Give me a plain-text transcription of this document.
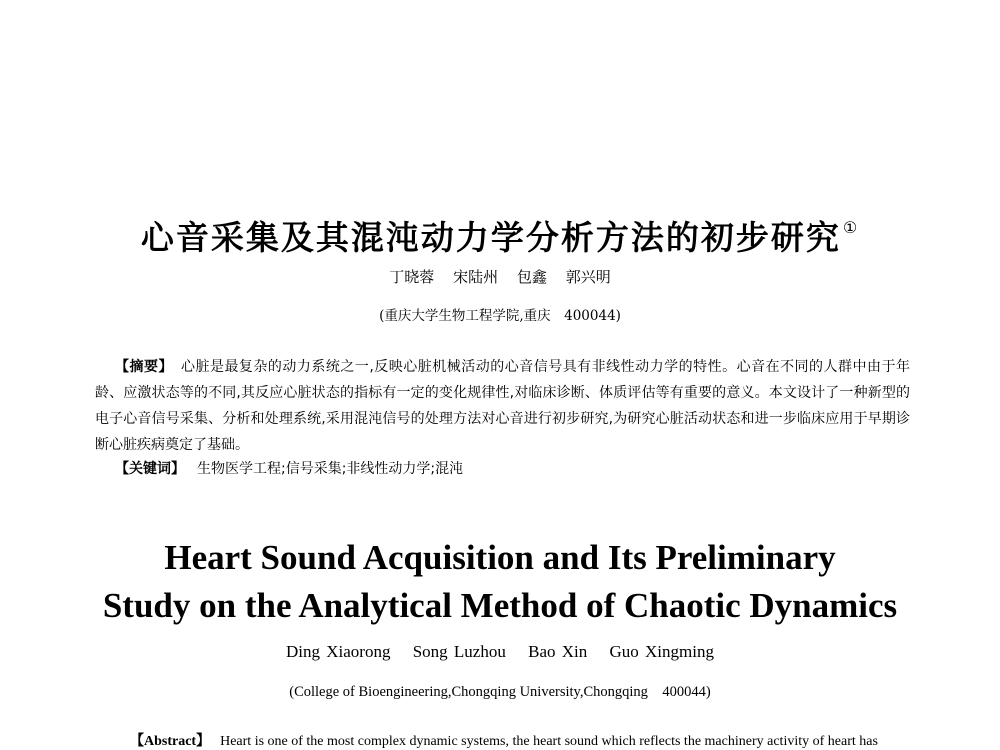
心音采集及其混沌动力学分析方法的初步研究 ①
丁晓蓉 宋陆州 包鑫 郭兴明
(重庆大学生物工程学院,重庆　400044)
【摘要】 心脏是最复杂的动力系统之一,反映心脏机械活动的心音信号具有非线性动力学的特性。心音在不同的人群中由于年龄、应激状态等的不同,其反应心脏状态的指标有一定的变化规律性,对临床诊断、体质评估等有重要的意义。本文设计了一种新型的电子心音信号采集、分析和处理系统,采用混沌信号的处理方法对心音进行初步研究,为研究心脏活动状态和进一步临床应用于早期诊断心脏疾病奠定了基础。
【关键词】 生物医学工程;信号采集;非线性动力学;混沌
Heart Sound Acquisition and Its Preliminary
Study on the Analytical Method of Chaotic Dynamics
Ding Xiaorong Song Luzhou Bao Xin Guo Xingming
(College of Bioengineering,Chongqing University,Chongqing　400044)
【Abstract】 Heart is one of the most complex dynamic systems, the heart sound which reflects the machinery activity of heart has
